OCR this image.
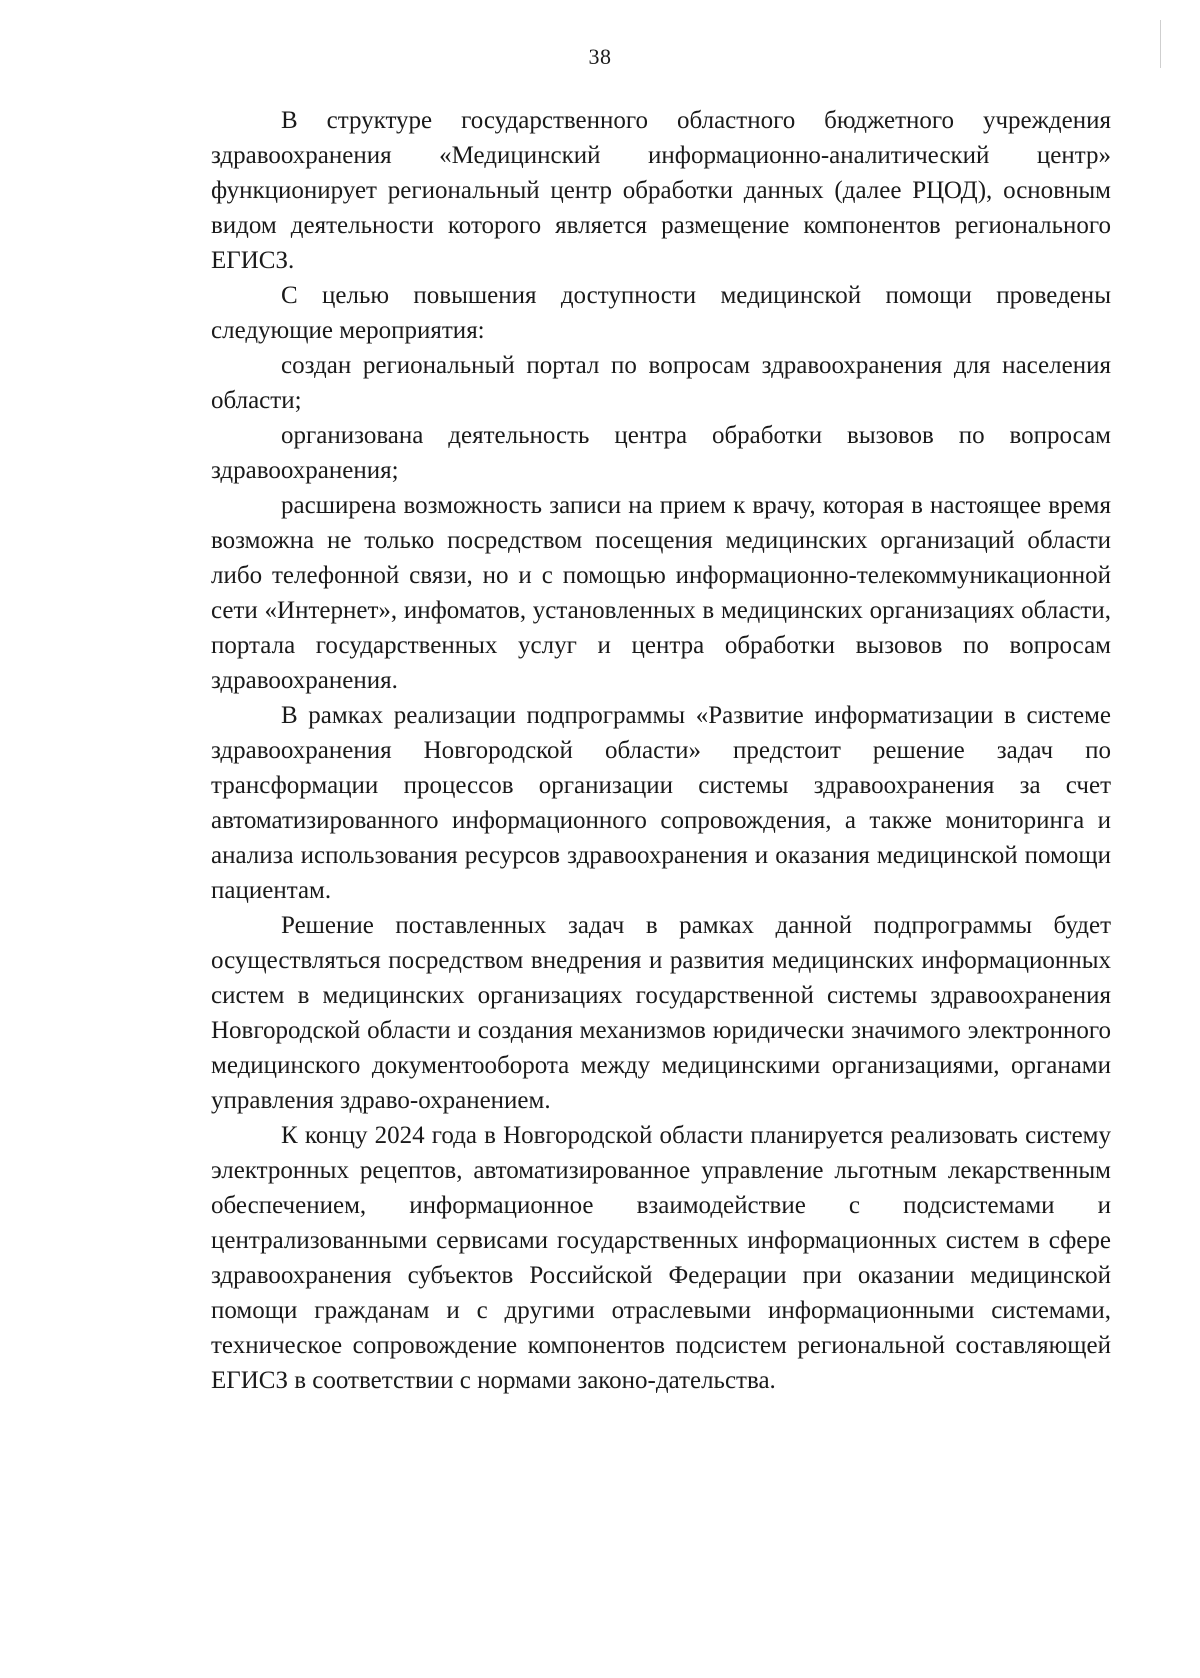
38

В структуре государственного областного бюджетного учреждения здравоохранения «Медицинский информационно-аналитический центр» функционирует региональный центр обработки данных (далее РЦОД), основным видом деятельности которого является размещение компонентов регионального ЕГИСЗ.

С целью повышения доступности медицинской помощи проведены следующие мероприятия:

создан региональный портал по вопросам здравоохранения для населения области;

организована деятельность центра обработки вызовов по вопросам здравоохранения;

расширена возможность записи на прием к врачу, которая в настоящее время возможна не только посредством посещения медицинских организаций области либо телефонной связи, но и с помощью информационно-телекоммуникационной сети «Интернет», инфоматов, установленных в медицинских организациях области, портала государственных услуг и центра обработки вызовов по вопросам здравоохранения.

В рамках реализации подпрограммы «Развитие информатизации в системе здравоохранения Новгородской области» предстоит решение задач по трансформации процессов организации системы здравоохранения за счет автоматизированного информационного сопровождения, а также мониторинга и анализа использования ресурсов здравоохранения и оказания медицинской помощи пациентам.

Решение поставленных задач в рамках данной подпрограммы будет осуществляться посредством внедрения и развития медицинских информационных систем в медицинских организациях государственной системы здравоохранения Новгородской области и создания механизмов юридически значимого электронного медицинского документооборота между медицинскими организациями, органами управления здраво-охранением.

К концу 2024 года в Новгородской области планируется реализовать систему электронных рецептов, автоматизированное управление льготным лекарственным обеспечением, информационное взаимодействие с подсистемами и централизованными сервисами государственных информационных систем в сфере здравоохранения субъектов Российской Федерации при оказании медицинской помощи гражданам и с другими отраслевыми информационными системами, техническое сопровождение компонентов подсистем региональной составляющей ЕГИСЗ в соответствии с нормами законо-дательства.
